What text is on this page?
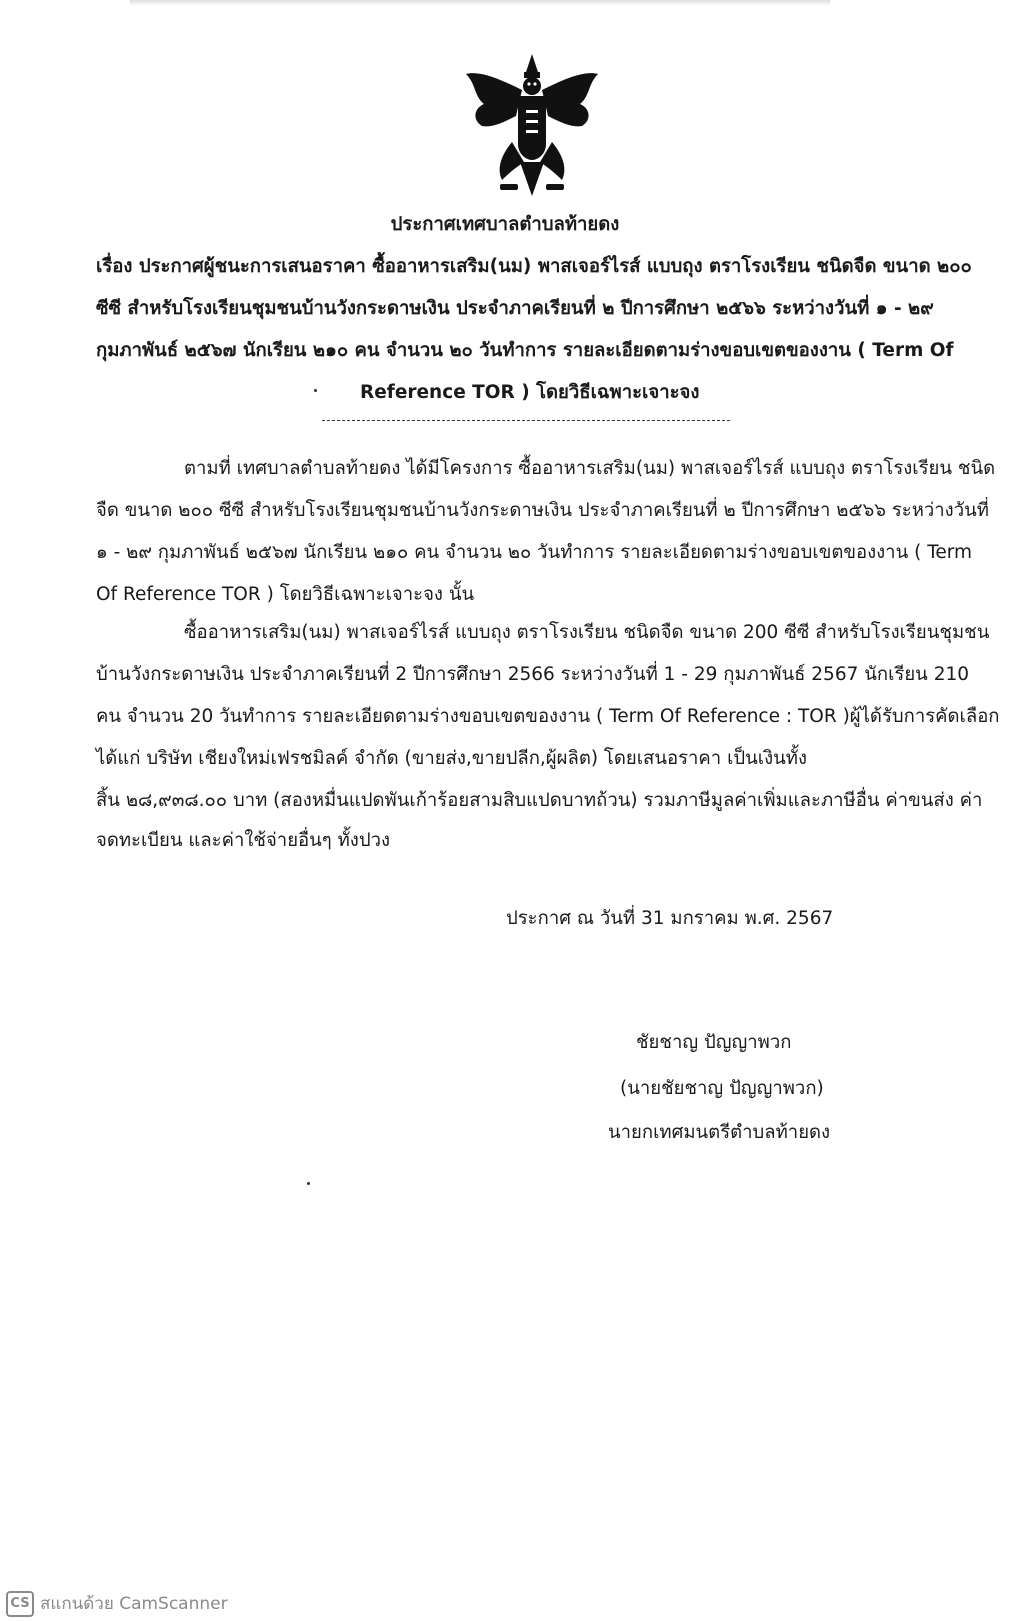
ประกาศเทศบาลตำบลท้ายดง
เรื่อง ประกาศผู้ชนะการเสนอราคา ซื้ออาหารเสริม(นม) พาสเจอร์ไรส์ แบบถุง ตราโรงเรียน ชนิดจืด ขนาด ๒๐๐
ซีซี สำหรับโรงเรียนชุมชนบ้านวังกระดาษเงิน ประจำภาคเรียนที่ ๒ ปีการศึกษา ๒๕๖๖ ระหว่างวันที่ ๑ - ๒๙
กุมภาพันธ์ ๒๕๖๗ นักเรียน ๒๑๐ คน จำนวน ๒๐ วันทำการ รายละเอียดตามร่างขอบเขตของงาน ( Term Of
Reference TOR ) โดยวิธีเฉพาะเจาะจง
ตามที่ เทศบาลตำบลท้ายดง ได้มีโครงการ ซื้ออาหารเสริม(นม) พาสเจอร์ไรส์ แบบถุง ตราโรงเรียน ชนิด
จืด ขนาด ๒๐๐ ซีซี สำหรับโรงเรียนชุมชนบ้านวังกระดาษเงิน ประจำภาคเรียนที่ ๒ ปีการศึกษา ๒๕๖๖ ระหว่างวันที่
๑ - ๒๙ กุมภาพันธ์ ๒๕๖๗ นักเรียน ๒๑๐ คน จำนวน ๒๐ วันทำการ รายละเอียดตามร่างขอบเขตของงาน ( Term
Of Reference TOR ) โดยวิธีเฉพาะเจาะจง นั้น
ซื้ออาหารเสริม(นม) พาสเจอร์ไรส์ แบบถุง ตราโรงเรียน ชนิดจืด ขนาด 200 ซีซี สำหรับโรงเรียนชุมชน
บ้านวังกระดาษเงิน ประจำภาคเรียนที่ 2 ปีการศึกษา 2566 ระหว่างวันที่ 1 - 29 กุมภาพันธ์ 2567 นักเรียน 210
คน จำนวน 20 วันทำการ รายละเอียดตามร่างขอบเขตของงาน ( Term Of Reference : TOR )ผู้ได้รับการคัดเลือก
ได้แก่ บริษัท เชียงใหม่เฟรชมิลค์ จำกัด (ขายส่ง,ขายปลีก,ผู้ผลิต) โดยเสนอราคา เป็นเงินทั้ง
สิ้น ๒๘,๙๓๘.๐๐ บาท (สองหมื่นแปดพันเก้าร้อยสามสิบแปดบาทถ้วน) รวมภาษีมูลค่าเพิ่มและภาษีอื่น ค่าขนส่ง ค่า
จดทะเบียน และค่าใช้จ่ายอื่นๆ ทั้งปวง
ประกาศ ณ วันที่ 31 มกราคม พ.ศ. 2567
ชัยชาญ ปัญญาพวก
(นายชัยชาญ ปัญญาพวก)
นายกเทศมนตรีตำบลท้ายดง
CS สแกนด้วย CamScanner
